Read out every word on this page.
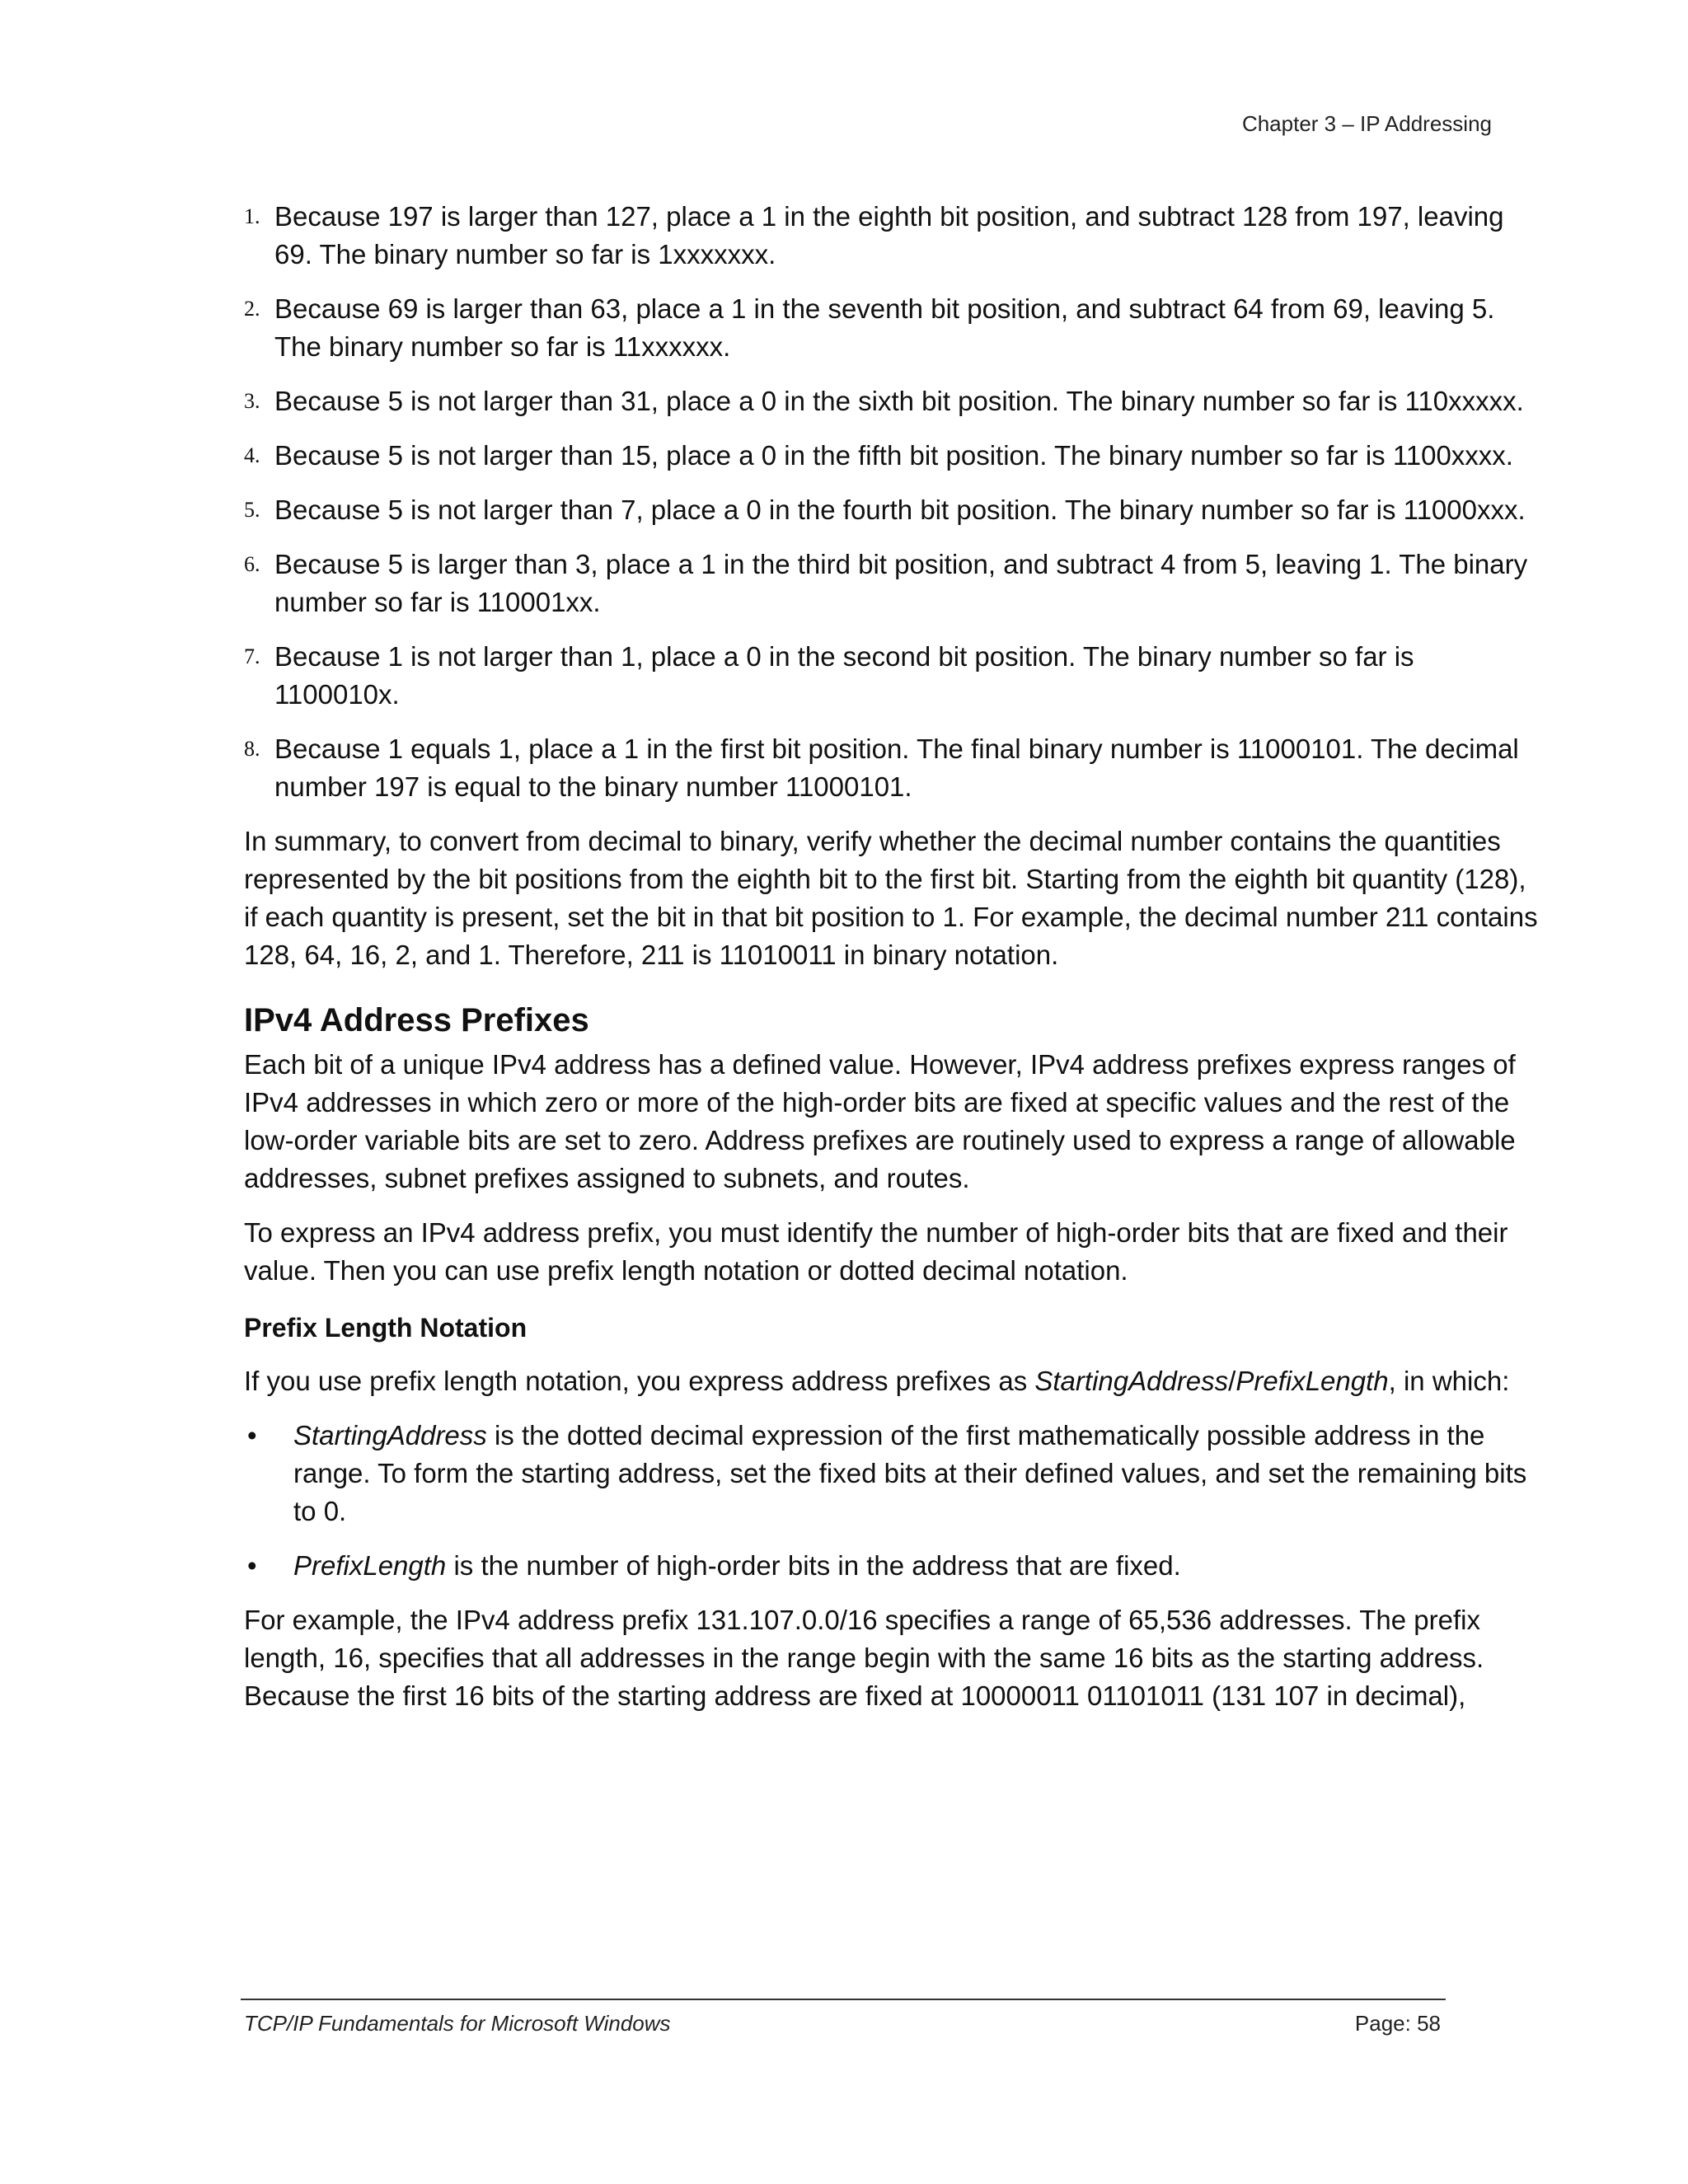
Chapter 3 – IP Addressing
1. Because 197 is larger than 127, place a 1 in the eighth bit position, and subtract 128 from 197, leaving 69. The binary number so far is 1xxxxxxx.
2. Because 69 is larger than 63, place a 1 in the seventh bit position, and subtract 64 from 69, leaving 5. The binary number so far is 11xxxxxx.
3. Because 5 is not larger than 31, place a 0 in the sixth bit position. The binary number so far is 110xxxxx.
4. Because 5 is not larger than 15, place a 0 in the fifth bit position. The binary number so far is 1100xxxx.
5. Because 5 is not larger than 7, place a 0 in the fourth bit position. The binary number so far is 11000xxx.
6. Because 5 is larger than 3, place a 1 in the third bit position, and subtract 4 from 5, leaving 1. The binary number so far is 110001xx.
7. Because 1 is not larger than 1, place a 0 in the second bit position. The binary number so far is 1100010x.
8. Because 1 equals 1, place a 1 in the first bit position. The final binary number is 11000101. The decimal number 197 is equal to the binary number 11000101.

In summary, to convert from decimal to binary, verify whether the decimal number contains the quantities represented by the bit positions from the eighth bit to the first bit. Starting from the eighth bit quantity (128), if each quantity is present, set the bit in that bit position to 1. For example, the decimal number 211 contains 128, 64, 16, 2, and 1. Therefore, 211 is 11010011 in binary notation.

IPv4 Address Prefixes

Each bit of a unique IPv4 address has a defined value. However, IPv4 address prefixes express ranges of IPv4 addresses in which zero or more of the high-order bits are fixed at specific values and the rest of the low-order variable bits are set to zero. Address prefixes are routinely used to express a range of allowable addresses, subnet prefixes assigned to subnets, and routes.

To express an IPv4 address prefix, you must identify the number of high-order bits that are fixed and their value. Then you can use prefix length notation or dotted decimal notation.

Prefix Length Notation

If you use prefix length notation, you express address prefixes as StartingAddress/PrefixLength, in which:

• StartingAddress is the dotted decimal expression of the first mathematically possible address in the range. To form the starting address, set the fixed bits at their defined values, and set the remaining bits to 0.
• PrefixLength is the number of high-order bits in the address that are fixed.

For example, the IPv4 address prefix 131.107.0.0/16 specifies a range of 65,536 addresses. The prefix length, 16, specifies that all addresses in the range begin with the same 16 bits as the starting address. Because the first 16 bits of the starting address are fixed at 10000011 01101011 (131 107 in decimal),

TCP/IP Fundamentals for Microsoft Windows	Page: 58
